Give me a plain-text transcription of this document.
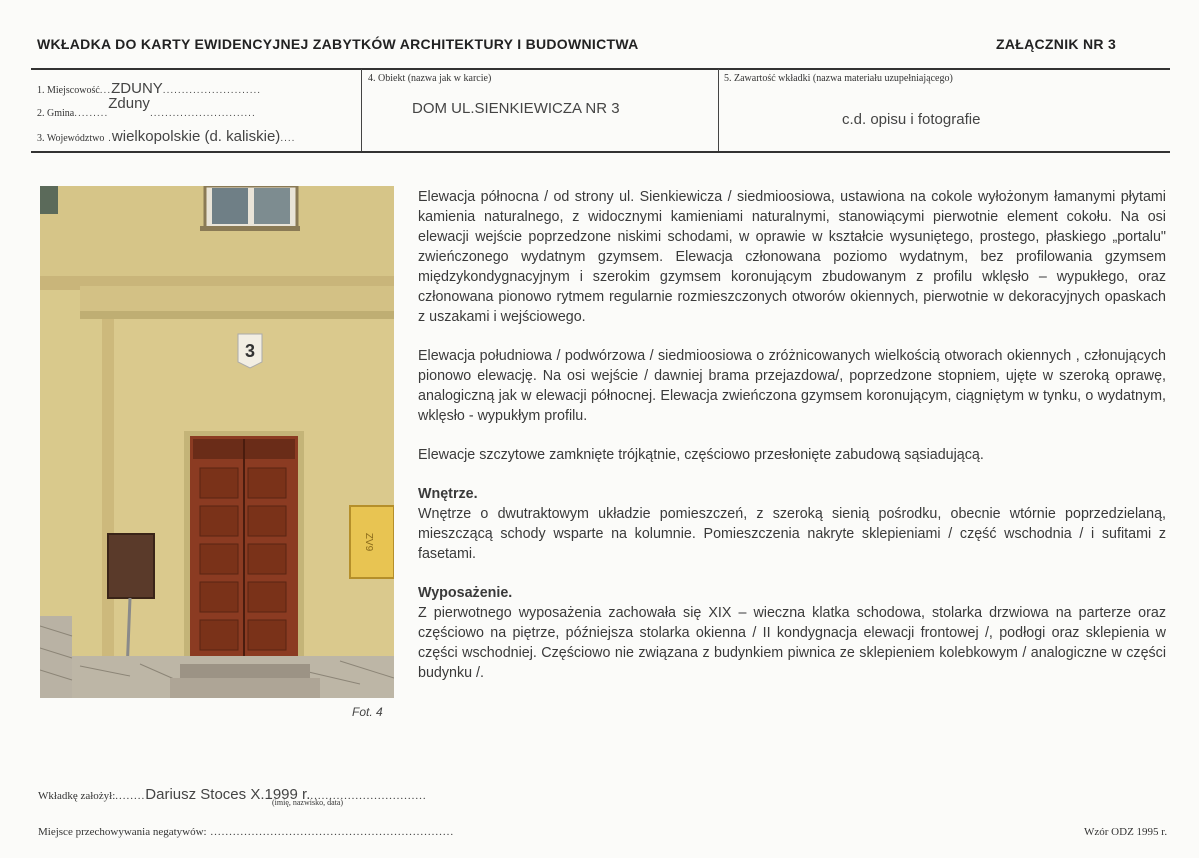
WKŁADKA DO KARTY EWIDENCYJNEJ ZABYTKÓW ARCHITEKTURY I BUDOWNICTWA	ZAŁĄCZNIK NR 3
1. Miejscowość...ZDUNY..........................
2. Gmina.........Zduny............................
3. Województwo .wielkopolskie (d. kaliskie)....
4. Obiekt (nazwa jak w karcie)
DOM UL.SIENKIEWICZA NR 3
5. Zawartość wkładki (nazwa materiału uzupełniającego)
c.d. opisu i fotografie
3
ZV9
Fot. 4

Elewacja północna / od strony ul. Sienkiewicza / siedmioosiowa, ustawiona na cokole wyłożonym łamanymi płytami kamienia naturalnego, z widocznymi kamieniami naturalnymi, stanowiącymi pierwotnie element cokołu. Na osi elewacji wejście poprzedzone niskimi schodami, w oprawie w kształcie wysuniętego, prostego, płaskiego „portalu" zwieńczonego wydatnym gzymsem. Elewacja członowana poziomo wydatnym, bez profilowania gzymsem międzykondygnacyjnym i szerokim gzymsem koronującym zbudowanym z profilu wklęsło – wypukłego, oraz członowana pionowo rytmem regularnie rozmieszczonych otworów okiennych, pierwotnie w dekoracyjnych opaskach z uszakami i wejściowego.

Elewacja południowa / podwórzowa / siedmioosiowa o zróżnicowanych wielkością otworach okiennych , członujących pionowo elewację. Na osi wejście / dawniej brama przejazdowa/, poprzedzone stopniem, ujęte w szeroką oprawę, analogiczną jak w elewacji północnej. Elewacja zwieńczona gzymsem koronującym, ciągniętym w tynku, o wydatnym, wklęsło - wypukłym profilu.

Elewacje szczytowe zamknięte trójkątnie, częściowo przesłonięte zabudową sąsiadującą.

Wnętrze.

Wnętrze o dwutraktowym układzie pomieszczeń, z szeroką sienią pośrodku, obecnie wtórnie poprzedzielaną, mieszczącą schody wsparte na kolumnie. Pomieszczenia nakryte sklepieniami / część wschodnia / i sufitami z fasetami.

Wyposażenie.

Z pierwotnego wyposażenia zachowała się XIX – wieczna klatka schodowa, stolarka drzwiowa na parterze oraz częściowo na piętrze, późniejsza stolarka okienna / II kondygnacja elewacji frontowej /, podłogi oraz sklepienia w części wschodniej. Częściowo nie związana z budynkiem piwnica ze sklepieniem kolebkowym / analogiczne w części budynku /.

Wkładkę założył:........Dariusz Stoces X.1999 r................................
(imię, nazwisko, data)
Miejsce przechowywania negatywów: .................................................................	Wzór ODZ 1995 r.
